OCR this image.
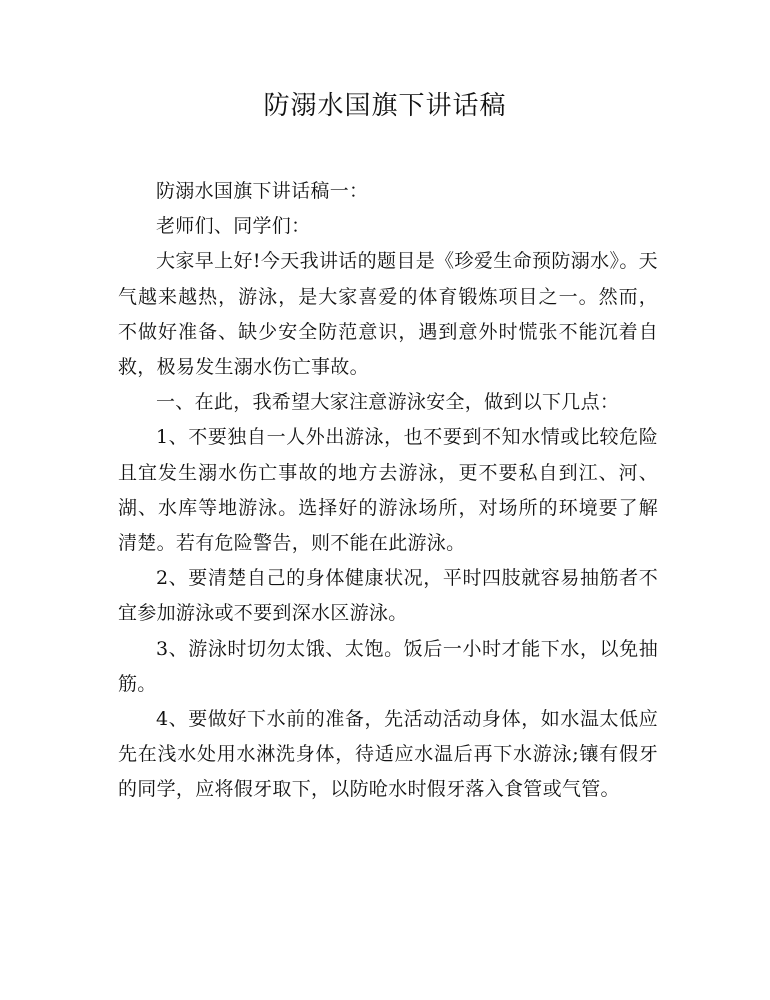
防溺水国旗下讲话稿

防溺水国旗下讲话稿一：

老师们、同学们：

大家早上好!今天我讲话的题目是《珍爱生命预防溺水》。天气越来越热，游泳，是大家喜爱的体育锻炼项目之一。然而，不做好准备、缺少安全防范意识，遇到意外时慌张不能沉着自救，极易发生溺水伤亡事故。

一、在此，我希望大家注意游泳安全，做到以下几点：

1、不要独自一人外出游泳，也不要到不知水情或比较危险且宜发生溺水伤亡事故的地方去游泳，更不要私自到江、河、湖、水库等地游泳。选择好的游泳场所，对场所的环境要了解清楚。若有危险警告，则不能在此游泳。

2、要清楚自己的身体健康状况，平时四肢就容易抽筋者不宜参加游泳或不要到深水区游泳。

3、游泳时切勿太饿、太饱。饭后一小时才能下水，以免抽筋。

4、要做好下水前的准备，先活动活动身体，如水温太低应先在浅水处用水淋洗身体，待适应水温后再下水游泳;镶有假牙的同学，应将假牙取下，以防呛水时假牙落入食管或气管。
